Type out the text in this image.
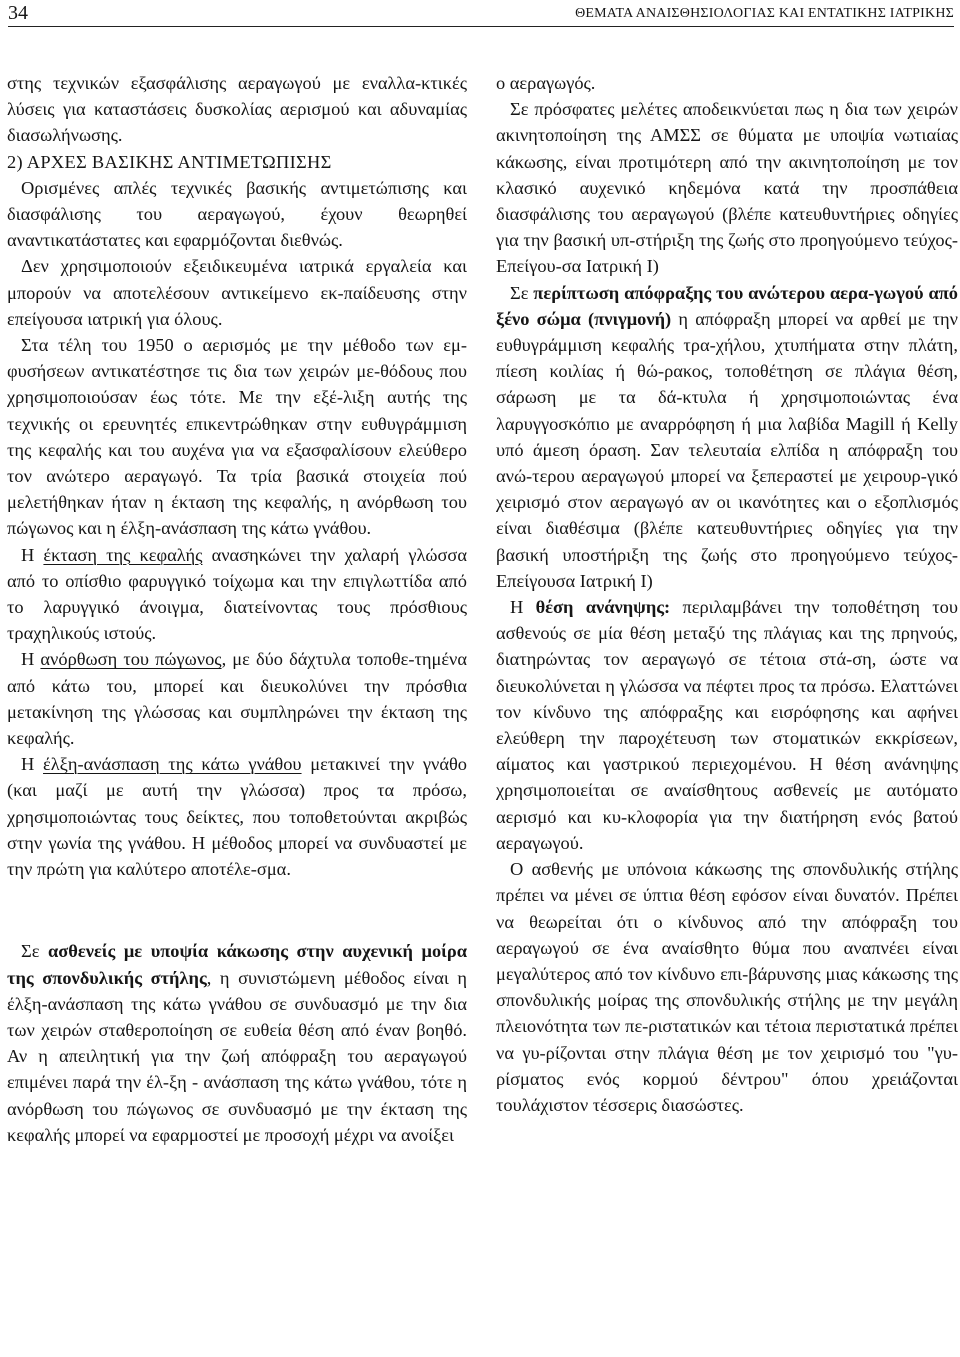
34	ΘΕΜΑΤΑ ΑΝΑΙΣΘΗΣΙΟΛΟΓΙΑΣ ΚΑΙ ΕΝΤΑΤΙΚΗΣ ΙΑΤΡΙΚΗΣ

στης τεχνικών εξασφάλισης αεραγωγού με εναλλα-κτικές λύσεις για καταστάσεις δυσκολίας αερισμού και αδυναμίας διασωλήνωσης.

2) ΑΡΧΕΣ ΒΑΣΙΚΗΣ ΑΝΤΙΜΕΤΩΠΙΣΗΣ

Ορισμένες απλές τεχνικές βασικής αντιμετώπισης και διασφάλισης του αεραγωγού, έχουν θεωρηθεί αναντικατάστατες και εφαρμόζονται διεθνώς.

Δεν χρησιμοποιούν εξειδικευμένα ιατρικά εργαλεία και μπορούν να αποτελέσουν αντικείμενο εκ-παίδευσης στην επείγουσα ιατρική για όλους.

Στα τέλη του 1950 ο αερισμός με την μέθοδο των εμ-φυσήσεων αντικατέστησε τις δια των χειρών με-θόδους που χρησιμοποιούσαν έως τότε. Με την εξέ-λιξη αυτής της τεχνικής οι ερευνητές επικεντρώθηκαν στην ευθυγράμμιση της κεφαλής και του αυχένα για να εξασφαλίσουν ελεύθερο τον ανώτερο αεραγωγό. Τα τρία βασικά στοιχεία πού μελετήθηκαν ήταν η έκταση της κεφαλής, η ανόρθωση του πώγωνος και η έλξη-ανάσπαση της κάτω γνάθου.

Η έκταση της κεφαλής ανασηκώνει την χαλαρή γλώσσα από το οπίσθιο φαρυγγικό τοίχωμα και την επιγλωττίδα από το λαρυγγικό άνοιγμα, διατείνοντας τους πρόσθιους τραχηλικούς ιστούς.

Η ανόρθωση του πώγωνος, με δύο δάχτυλα τοποθε-τημένα από κάτω του, μπορεί και διευκολύνει την πρόσθια μετακίνηση της γλώσσας και συμπληρώνει την έκταση της κεφαλής.

Η έλξη-ανάσπαση της κάτω γνάθου μετακινεί την γνάθο (και μαζί με αυτή την γλώσσα) προς τα πρόσω, χρησιμοποιώντας τους δείκτες, που τοποθετούνται ακριβώς στην γωνία της γνάθου. Η μέθοδος μπορεί να συνδυαστεί με την πρώτη για καλύτερο αποτέλε-σμα.

Σε ασθενείς με υποψία κάκωσης στην αυχενική μοίρα της σπονδυλικής στήλης, η συνιστώμενη μέθοδος είναι η έλξη-ανάσπαση της κάτω γνάθου σε συνδυασμό με την δια των χειρών σταθεροποίηση σε ευθεία θέση από έναν βοηθό. Αν η απειλητική για την ζωή απόφραξη του αεραγωγού επιμένει παρά την έλ-ξη - ανάσπαση της κάτω γνάθου, τότε η ανόρθωση του πώγωνος σε συνδυασμό με την έκταση της κεφαλής μπορεί να εφαρμοστεί με προσοχή μέχρι να ανοίξει

ο αεραγωγός.

Σε πρόσφατες μελέτες αποδεικνύεται πως η δια των χειρών ακινητοποίηση της ΑΜΣΣ σε θύματα με υποψία νωτιαίας κάκωσης, είναι προτιμότερη από την ακινητοποίηση με τον κλασικό αυχενικό κηδεμόνα κατά την προσπάθεια διασφάλισης του αεραγωγού (βλέπε κατευθυντήριες οδηγίες για την βασική υπ-στήριξη της ζωής στο προηγούμενο τεύχος- Επείγου-σα Ιατρική Ι)

Σε περίπτωση απόφραξης του ανώτερου αερα-γωγού από ξένο σώμα (πνιγμονή) η απόφραξη μπορεί να αρθεί με την ευθυγράμμιση κεφαλής τρα-χήλου, χτυπήματα στην πλάτη, πίεση κοιλίας ή θώ-ρακος, τοποθέτηση σε πλάγια θέση, σάρωση με τα δά-κτυλα ή χρησιμοποιώντας ένα λαρυγγοσκόπιο με αναρρόφηση ή μια λαβίδα Magill ή Kelly υπό άμεση όραση. Σαν τελευταία ελπίδα η απόφραξη του ανώ-τερου αεραγωγού μπορεί να ξεπεραστεί με χειρουρ-γικό χειρισμό στον αεραγωγό αν οι ικανότητες και ο εξοπλισμός είναι διαθέσιμα (βλέπε κατευθυντήριες οδηγίες για την βασική υποστήριξη της ζωής στο προηγούμενο τεύχος- Επείγουσα Ιατρική Ι)

Η θέση ανάνηψης: περιλαμβάνει την τοποθέτηση του ασθενούς σε μία θέση μεταξύ της πλάγιας και της πρηνούς, διατηρώντας τον αεραγωγό σε τέτοια στά-ση, ώστε να διευκολύνεται η γλώσσα να πέφτει προς τα πρόσω. Ελαττώνει τον κίνδυνο της απόφραξης και εισρόφησης και αφήνει ελεύθερη την παροχέτευση των στοματικών εκκρίσεων, αίματος και γαστρικού περιεχομένου. Η θέση ανάνηψης χρησιμοποιείται σε αναίσθητους ασθενείς με αυτόματο αερισμό και κυ-κλοφορία για την διατήρηση ενός βατού αεραγωγού.

Ο ασθενής με υπόνοια κάκωσης της σπονδυλικής στήλης πρέπει να μένει σε ύπτια θέση εφόσον είναι δυνατόν. Πρέπει να θεωρείται ότι ο κίνδυνος από την απόφραξη του αεραγωγού σε ένα αναίσθητο θύμα που αναπνέει είναι μεγαλύτερος από τον κίνδυνο επι-βάρυνσης μιας κάκωσης της σπονδυλικής μοίρας της σπονδυλικής στήλης με την μεγάλη πλειονότητα των πε-ριστατικών και τέτοια περιστατικά πρέπει να γυ-ρίζονται στην πλάγια θέση με τον χειρισμό του "γυ-ρίσματος ενός κορμού δέντρου" όπου χρειάζονται τουλάχιστον τέσσερις διασώστες.
